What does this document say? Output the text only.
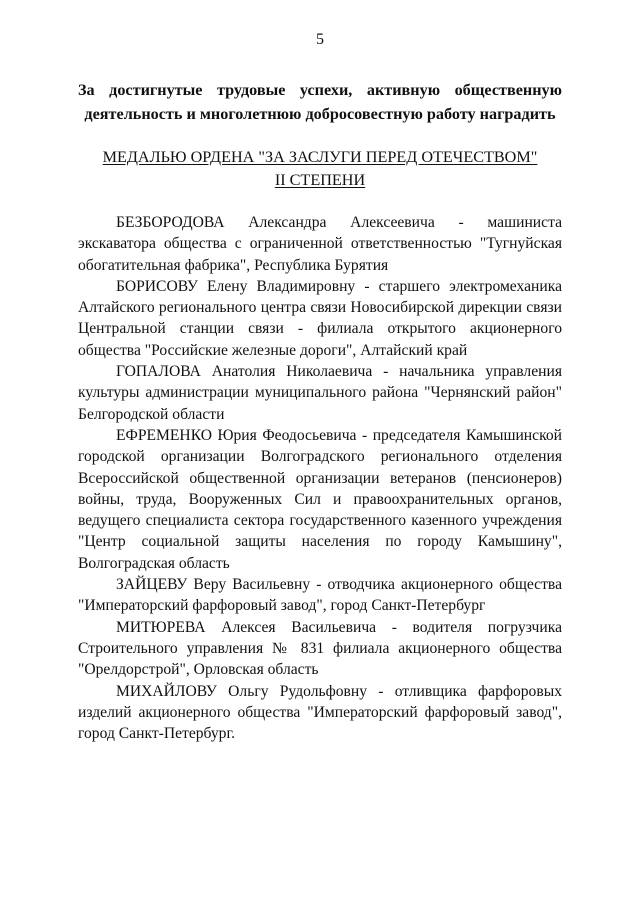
5
За достигнутые трудовые успехи, активную общественную деятельность и многолетнюю добросовестную работу наградить
МЕДАЛЬЮ ОРДЕНА "ЗА ЗАСЛУГИ ПЕРЕД ОТЕЧЕСТВОМ"
II СТЕПЕНИ

БЕЗБОРОДОВА Александра Алексеевича - машиниста экскаватора общества с ограниченной ответственностью "Тугнуйская обогатительная фабрика", Республика Бурятия

БОРИСОВУ Елену Владимировну - старшего электромеханика Алтайского регионального центра связи Новосибирской дирекции связи Центральной станции связи - филиала открытого акционерного общества "Российские железные дороги", Алтайский край

ГОПАЛОВА Анатолия Николаевича - начальника управления культуры администрации муниципального района "Чернянский район" Белгородской области

ЕФРЕМЕНКО Юрия Феодосьевича - председателя Камышинской городской организации Волгоградского регионального отделения Всероссийской общественной организации ветеранов (пенсионеров) войны, труда, Вооруженных Сил и правоохранительных органов, ведущего специалиста сектора государственного казенного учреждения "Центр социальной защиты населения по городу Камышину", Волгоградская область

ЗАЙЦЕВУ Веру Васильевну - отводчика акционерного общества "Императорский фарфоровый завод", город Санкт-Петербург

МИТЮРЕВА Алексея Васильевича - водителя погрузчика Строительного управления № 831 филиала акционерного общества "Орелдорстрой", Орловская область

МИХАЙЛОВУ Ольгу Рудольфовну - отливщика фарфоровых изделий акционерного общества "Императорский фарфоровый завод", город Санкт-Петербург.
